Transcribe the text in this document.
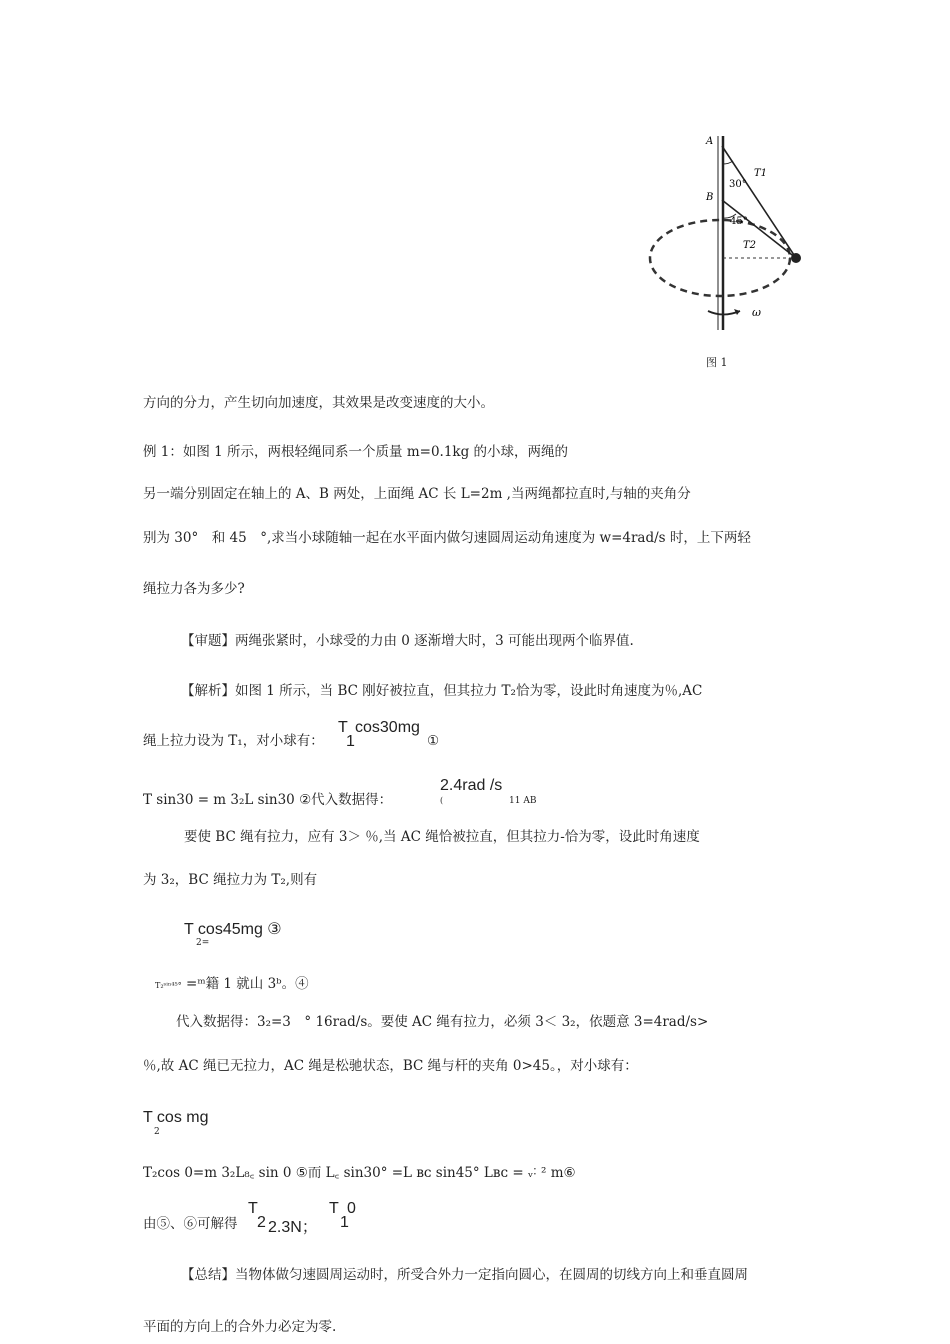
A
B
T1
T2
30°
45°
ω
图 1
方向的分力，产生切向加速度，其效果是改变速度的大小。
例 1：如图 1 所示，两根轻绳同系一个质量 m=0.1kg 的小球，两绳的
另一端分别固定在轴上的 A、B 两处，上面绳 AC 长 L=2m ,当两绳都拉直时,与轴的夹角分
别为 30°　和 45　°,求当小球随轴一起在水平面内做匀速圆周运动角速度为 w=4rad/s 时，上下两轻
绳拉力各为多少?
【审题】两绳张紧时，小球受的力由 0 逐渐增大时，3 可能出现两个临界值.
【解析】如图 1 所示，当 BC 刚好被拉直，但其拉力 T₂恰为零，设此时角速度为％,AC
绳上拉力设为 T₁，对小球有：
T
1
cos30mg
①
T sin30 = m 3₂L sin30 ②代入数据得：	(
2.4rad /s
11 AB
要使 BC 绳有拉力，应有 3＞ ％,当 AC 绳恰被拉直，但其拉力-恰为零，设此时角速度
为 3₂，BC 绳拉力为 T₂,则有
T cos45mg ③
2=
T₂ˢⁱⁿ⁴⁵° =ᵐ籍 1 就山 3ᵇ。④
代入数据得：3₂=3　° 16rad/s。要使 AC 绳有拉力，必须 3＜ 3₂，依题意 3=4rad/s>
％,故 AC 绳已无拉力，AC 绳是松驰状态，BC 绳与杆的夹角 0>45。，对小球有：
T cos mg
2
T₂cos 0=m 3₂L₈꜀ sin 0 ⑤而 L꜀ sin30° =L ʙᴄ sin45° Lʙᴄ = ᵥ˸ ² m⑥
由⑤、⑥可解得
T
2 2.3N；
T
1
0
【总结】当物体做匀速圆周运动时，所受合外力一定指向圆心，在圆周的切线方向上和垂直圆周
平面的方向上的合外力必定为零.
